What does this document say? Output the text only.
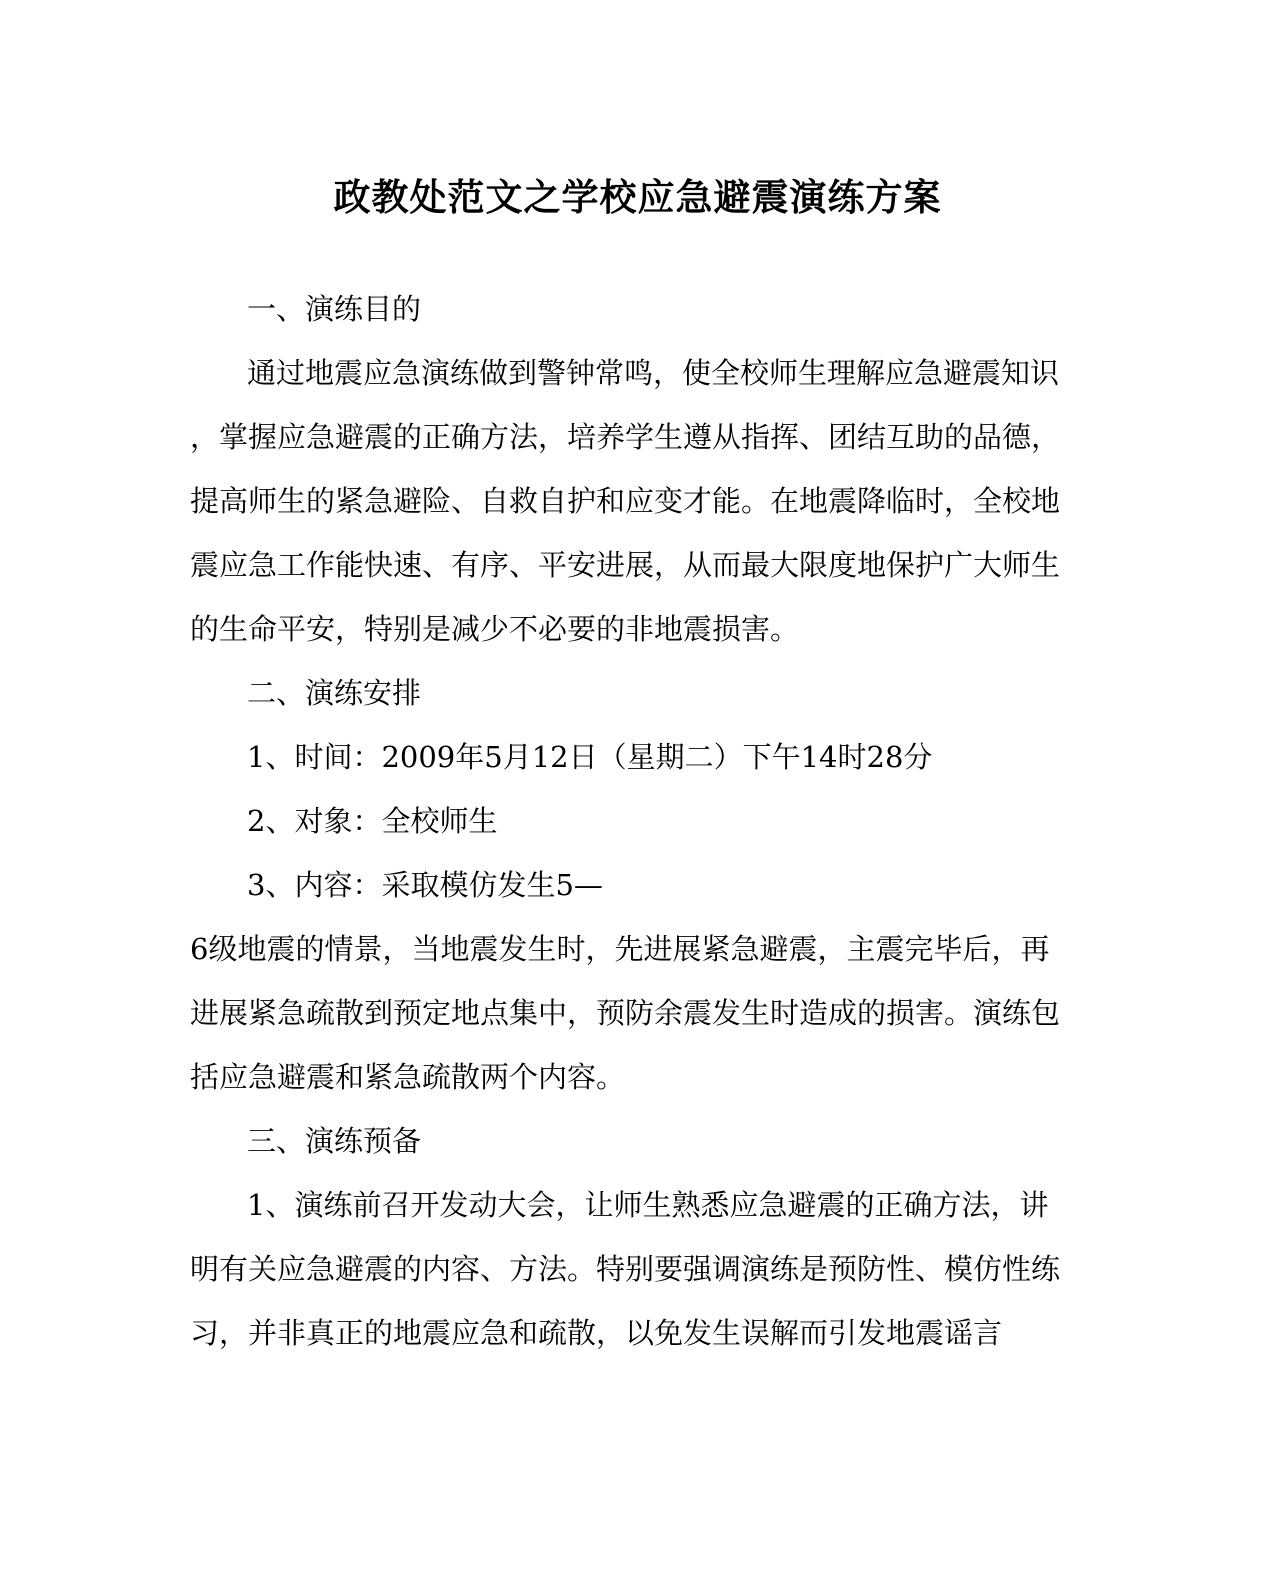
政教处范文之学校应急避震演练方案
一、演练目的
通过地震应急演练做到警钟常鸣，使全校师生理解应急避震知识
，掌握应急避震的正确方法，培养学生遵从指挥、团结互助的品德，
提高师生的紧急避险、自救自护和应变才能。在地震降临时，全校地
震应急工作能快速、有序、平安进展，从而最大限度地保护广大师生
的生命平安，特别是减少不必要的非地震损害。
二、演练安排
1、时间：2009年5月12日（星期二）下午14时28分
2、对象：全校师生
3、内容：采取模仿发生5—
6级地震的情景，当地震发生时，先进展紧急避震，主震完毕后，再
进展紧急疏散到预定地点集中，预防余震发生时造成的损害。演练包
括应急避震和紧急疏散两个内容。
三、演练预备
1、演练前召开发动大会，让师生熟悉应急避震的正确方法，讲
明有关应急避震的内容、方法。特别要强调演练是预防性、模仿性练
习，并非真正的地震应急和疏散，以免发生误解而引发地震谣言
